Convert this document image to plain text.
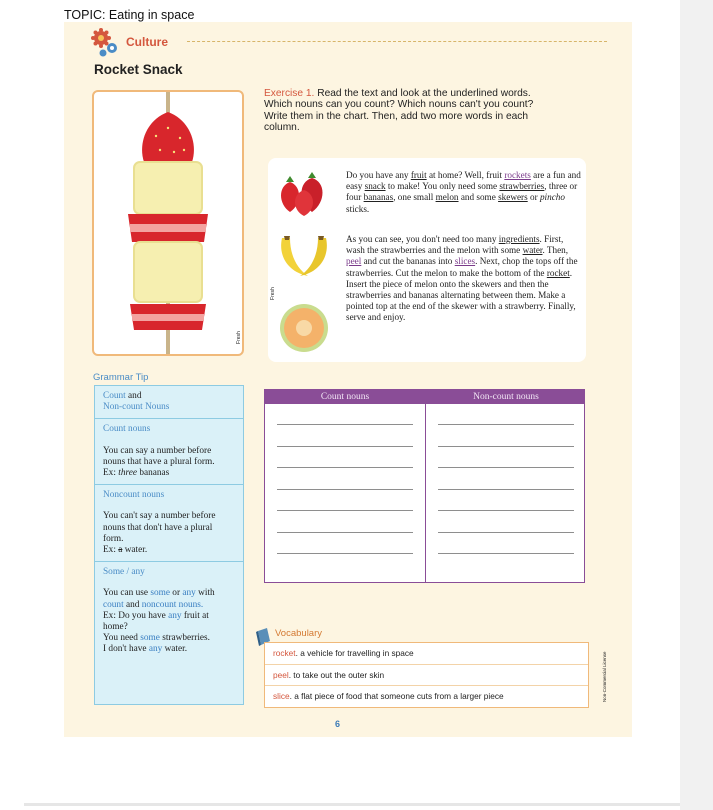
TOPIC: Eating in space
Culture
Rocket Snack
Exercise 1. Read the text and look at the underlined words. Which nouns can you count? Which nouns can't you count? Write them in the chart. Then, add two more words in each column.
Fresh
Do you have any fruit at home? Well, fruit rockets are a fun and easy snack to make! You only need some strawberries, three or four bananas, one small melon and some skewers or pincho sticks.
As you can see, you don't need too many ingredients. First, wash the strawberries and the melon with some water. Then, peel and cut the bananas into slices. Next, chop the tops off the strawberries. Cut the melon to make the bottom of the rocket. Insert the piece of melon onto the skewers and then the strawberries and bananas alternating between them. Make a pointed top at the end of the skewer with a strawberry. Finally, serve and enjoy.
Fresh
Grammar Tip
Count and
Non-count Nouns
Count nouns
You can say a number before nouns that have a plural form.
Ex: three bananas
Noncount nouns
You can't say a number before nouns that don't have a plural form.
Ex: a water.
Some / any
You can use some or any with count and noncount nouns.
Ex: Do you have any fruit at home?
You need some strawberries.
I don't have any water.
Count nouns	Non-count nouns
Vocabulary
rocket. a vehicle for travelling in space
peel. to take out the outer skin
slice. a flat piece of food that someone cuts from a larger piece
6
Non-Commercial License
